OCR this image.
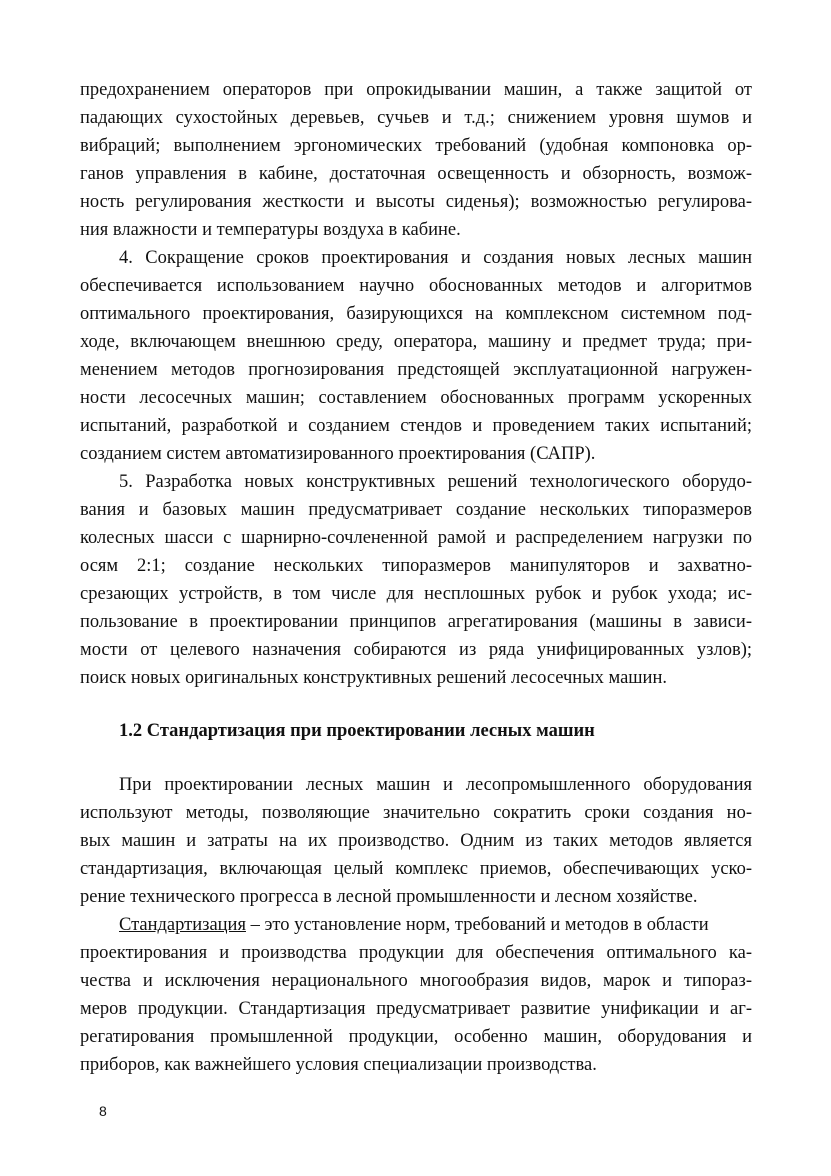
предохранением операторов при опрокидывании машин, а также защитой от
падающих сухостойных деревьев, сучьев и т.д.; снижением уровня шумов и
вибраций; выполнением эргономических требований (удобная компоновка ор-
ганов управления в кабине, достаточная освещенность и обзорность, возмож-
ность регулирования жесткости и высоты сиденья); возможностью регулирова-
ния влажности и температуры воздуха в кабине.
4. Сокращение сроков проектирования и создания новых лесных машин
обеспечивается использованием научно обоснованных методов и алгоритмов
оптимального проектирования, базирующихся на комплексном системном под-
ходе, включающем внешнюю среду, оператора, машину и предмет труда; при-
менением методов прогнозирования предстоящей эксплуатационной нагружен-
ности лесосечных машин; составлением обоснованных программ ускоренных
испытаний, разработкой и созданием стендов и проведением таких испытаний;
созданием систем автоматизированного проектирования (САПР).
5. Разработка новых конструктивных решений технологического оборудо-
вания и базовых машин предусматривает создание нескольких типоразмеров
колесных шасси с шарнирно-сочлененной рамой и распределением нагрузки по
осям 2:1; создание нескольких типоразмеров манипуляторов и захватно-
срезающих устройств, в том числе для несплошных рубок и рубок ухода; ис-
пользование в проектировании принципов агрегатирования (машины в зависи-
мости от целевого назначения собираются из ряда унифицированных узлов);
поиск новых оригинальных конструктивных решений лесосечных машин.
1.2 Стандартизация при проектировании лесных машин
При проектировании лесных машин и лесопромышленного оборудования
используют методы, позволяющие значительно сократить сроки создания но-
вых машин и затраты на их производство. Одним из таких методов является
стандартизация, включающая целый комплекс приемов, обеспечивающих уско-
рение технического прогресса в лесной промышленности и лесном хозяйстве.
Стандартизация – это установление норм, требований и методов в области
проектирования и производства продукции для обеспечения оптимального ка-
чества и исключения нерационального многообразия видов, марок и типораз-
меров продукции. Стандартизация предусматривает развитие унификации и аг-
регатирования промышленной продукции, особенно машин, оборудования и
приборов, как важнейшего условия специализации производства.
8
